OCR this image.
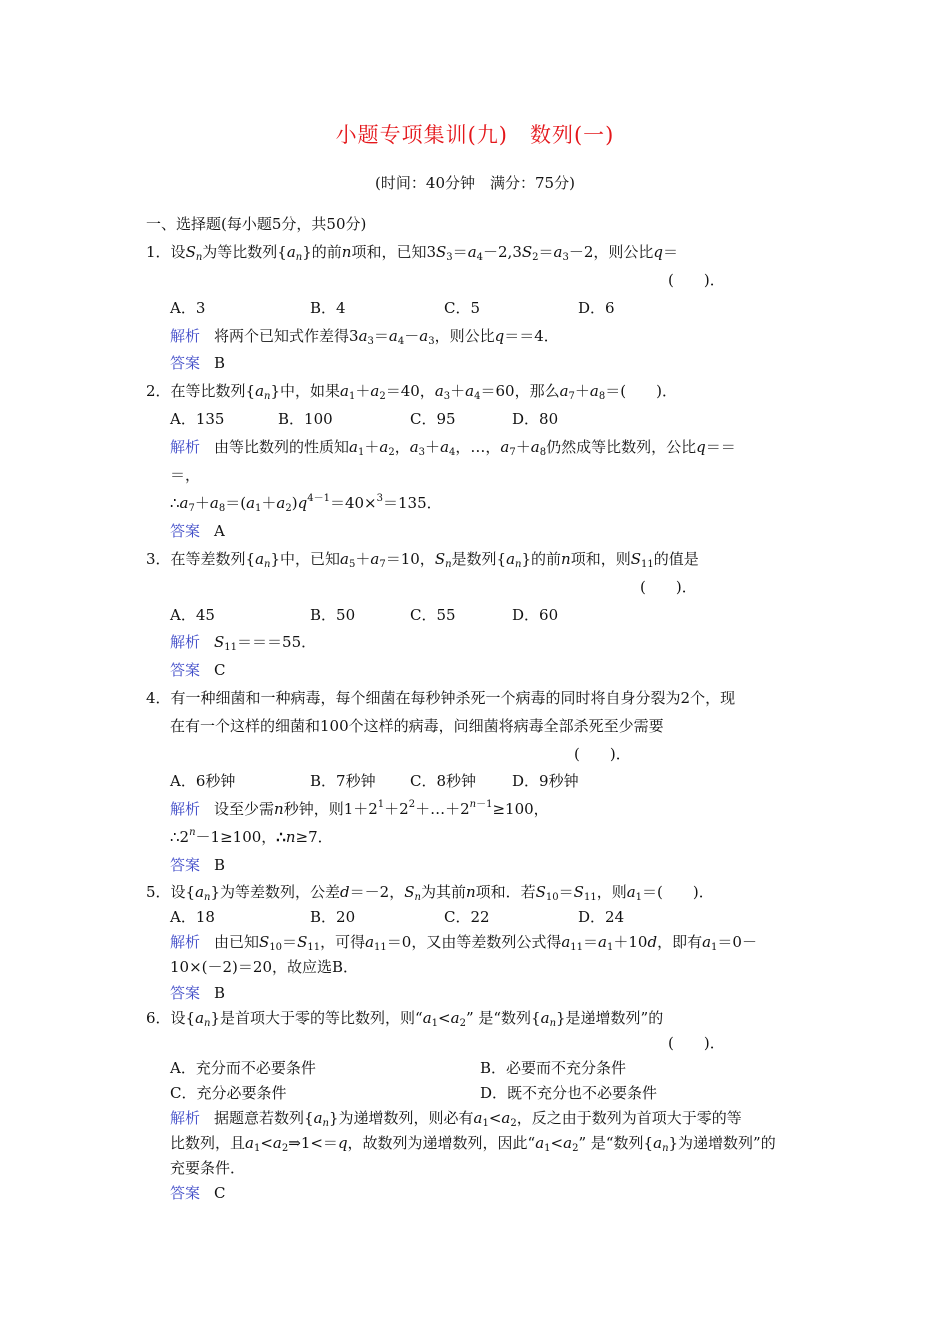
小题专项集训(九)　数列(一)
(时间：40分钟　满分：75分)
一、选择题(每小题5分，共50分)
1．设$S_n$为等比数列$\{a_n\}$的前n项和，已知$3S_3=a_4-2,3S_2=a_3-2$，则公比q＝
(　　)．
A．3	B．4	C．5	D．6
解析 将两个已知式作差得$3a_3=a_4-a_3$，则公比q＝＝4．
答案 B
2．在等比数列$\{a_n\}$中，如果$a_1+a_2=40$，$a_3+a_4=60$，那么$a_7+a_8=$(　　)．
A．135	B．100	C．95	D．80
解析 由等比数列的性质知$a_1+a_2$，$a_3+a_4$，…，$a_7+a_8$仍然成等比数列，公比q＝＝
＝，
$\therefore a_7+a_8=(a_1+a_2)q^{4-1}=40\times^3=135$．
答案 A
3．在等差数列$\{a_n\}$中，已知$a_5+a_7=10$，$S_n$是数列$\{a_n\}$的前n项和，则$S_{11}$的值是
(　　)．
A．45	B．50	C．55	D．60
解析 $S_{11}===55$．
答案 C
4．有一种细菌和一种病毒，每个细菌在每秒钟杀死一个病毒的同时将自身分裂为2个，现
在有一个这样的细菌和100个这样的病毒，问细菌将病毒全部杀死至少需要
(　　)．
A．6秒钟	B．7秒钟 C．8秒钟 D．9秒钟
解析 设至少需n秒钟，则$1+2^1+2^2+\dots+2^{n-1}\ge 100$，
$\therefore 2^n-1\ge 100$，∴n≥7．
答案 B
5．设$\{a_n\}$为等差数列，公差d＝－2，$S_n$为其前n项和．若$S_{10}=S_{11}$，则$a_1=$(　　)．
A．18	B．20	C．22	D．24
解析 由已知$S_{10}=S_{11}$，可得$a_{11}=0$，又由等差数列公式得$a_{11}=a_1+10d$，即有$a_1=0-$
10×(－2)＝20，故应选B．
答案 B
6．设$\{a_n\}$是首项大于零的等比数列，则“$a_1<a_2$” 是“数列$\{a_n\}$是递增数列”的
(　　)．
A．充分而不必要条件	B．必要而不充分条件
C．充分必要条件	D．既不充分也不必要条件
解析 据题意若数列$\{a_n\}$为递增数列，则必有$a_1<a_2$，反之由于数列为首项大于零的等
比数列，且$a_1<a_2\Rightarrow 1<=q$，故数列为递增数列，因此“$a_1<a_2$” 是“数列$\{a_n\}$为递增数列”的
充要条件．
答案 C
